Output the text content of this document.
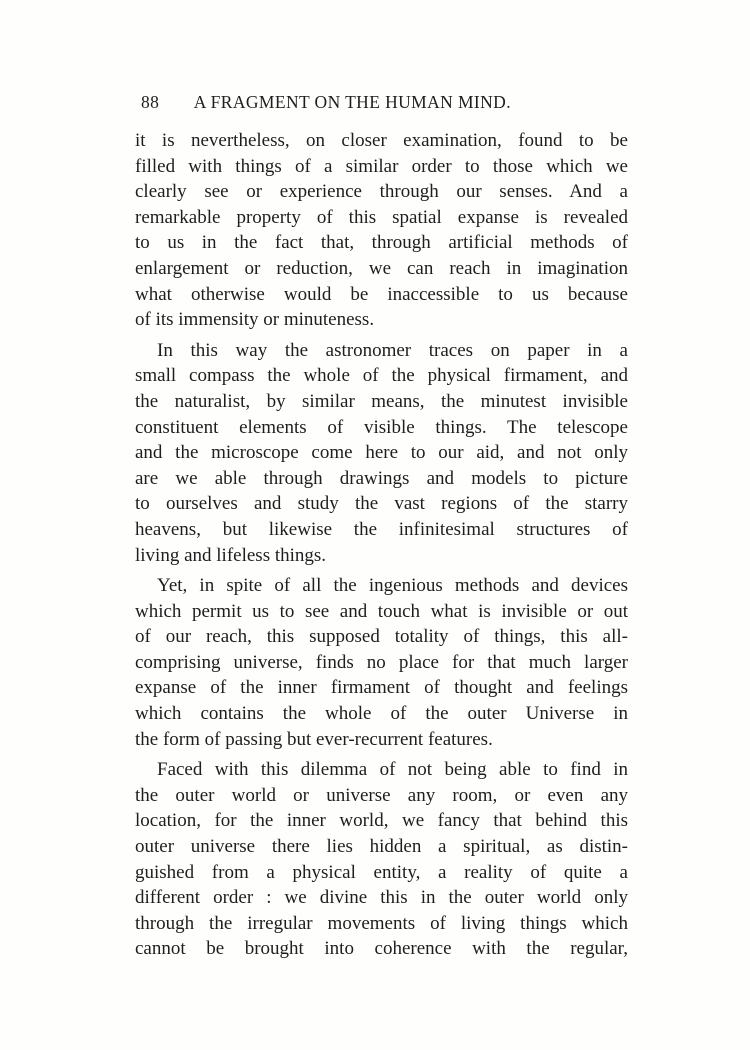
88 A FRAGMENT ON THE HUMAN MIND.

it is nevertheless, on closer examination, found to be
filled with things of a similar order to those which we
clearly see or experience through our senses. And a
remarkable property of this spatial expanse is revealed
to us in the fact that, through artificial methods of
enlargement or reduction, we can reach in imagination
what otherwise would be inaccessible to us because
of its immensity or minuteness.

In this way the astronomer traces on paper in a
small compass the whole of the physical firmament, and
the naturalist, by similar means, the minutest invisible
constituent elements of visible things. The telescope
and the microscope come here to our aid, and not only
are we able through drawings and models to picture
to ourselves and study the vast regions of the starry
heavens, but likewise the infinitesimal structures of
living and lifeless things.

Yet, in spite of all the ingenious methods and devices
which permit us to see and touch what is invisible or out
of our reach, this supposed totality of things, this all-
comprising universe, finds no place for that much larger
expanse of the inner firmament of thought and feelings
which contains the whole of the outer Universe in
the form of passing but ever-recurrent features.

Faced with this dilemma of not being able to find in
the outer world or universe any room, or even any
location, for the inner world, we fancy that behind this
outer universe there lies hidden a spiritual, as distin-
guished from a physical entity, a reality of quite a
different order : we divine this in the outer world only
through the irregular movements of living things which
cannot be brought into coherence with the regular,
